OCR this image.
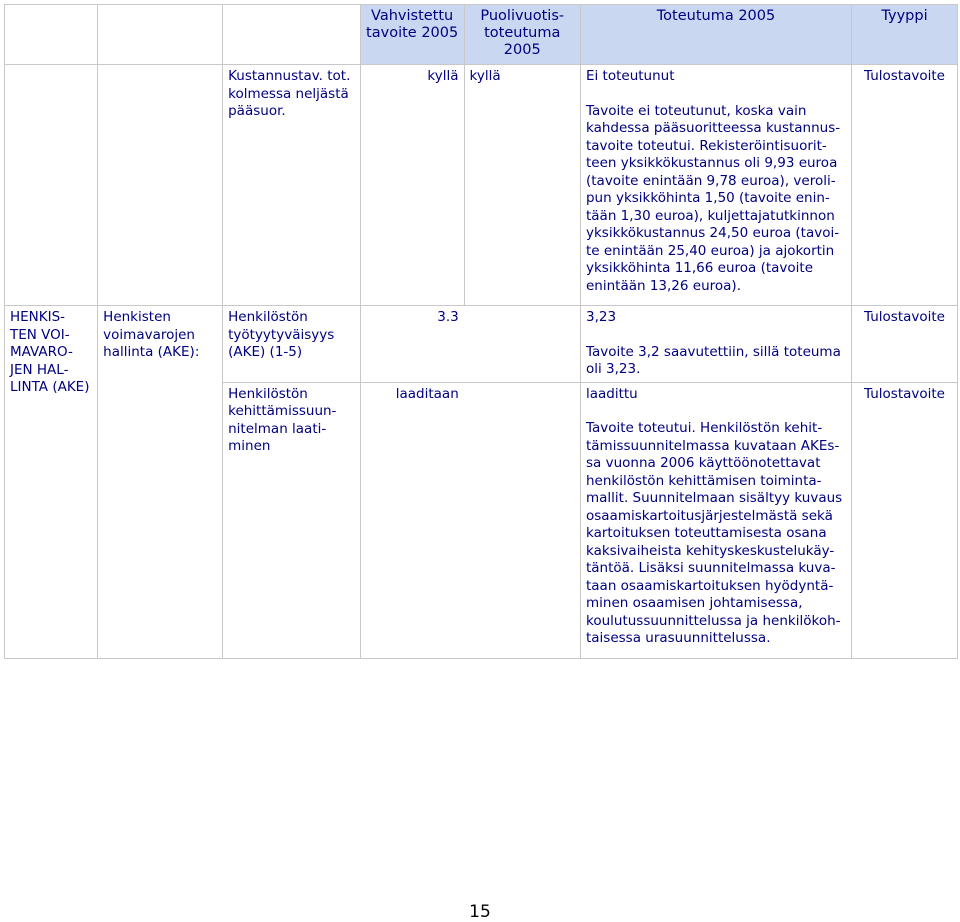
			Vahvistettu tavoite 2005	Puolivuotis- toteutuma 2005	Toteutuma 2005	Tyyppi
		Kustannustav. tot. kolmessa neljästä pääsuor.	kyllä	kyllä	Ei toteutunut
Tavoite ei toteutunut, koska vain kahdessa pääsuoritteessa kustannus- tavoite toteutui. Rekisteröintisuorit- teen yksikkökustannus oli 9,93 euroa (tavoite enintään 9,78 euroa), veroli- pun yksikköhinta 1,50 (tavoite enin- tään 1,30 euroa), kuljettajatutkinnon yksikkökustannus 24,50 euroa (tavoi- te enintään 25,40 euroa) ja ajokortin yksikköhinta 11,66 euroa (tavoite enintään 13,26 euroa).	Tulostavoite
HENKIS- TEN VOI- MAVARO- JEN HAL- LINTA (AKE)	Henkisten voimavarojen hallinta (AKE):	Henkilöstön työtyytyväisyys (AKE) (1-5)	3.3		3,23
Tavoite 3,2 saavutettiin, sillä toteuma oli 3,23.	Tulostavoite
		Henkilöstön kehittämissuun- nitelman laati- minen	laaditaan		laadittu
Tavoite toteutui. Henkilöstön kehit- tämissuunnitelmassa kuvataan AKEs- sa vuonna 2006 käyttöönotettavat henkilöstön kehittämisen toiminta- mallit. Suunnitelmaan sisältyy kuvaus osaamiskartoitusjärjestelmästä sekä kartoituksen toteuttamisesta osana kaksivaiheista kehityskeskustelukäy- täntöä. Lisäksi suunnitelmassa kuva- taan osaamiskartoituksen hyödyntä- minen osaamisen johtamisessa, koulutussuunnittelussa ja henkilökoh- taisessa urasuunnittelussa.	Tulostavoite
15
